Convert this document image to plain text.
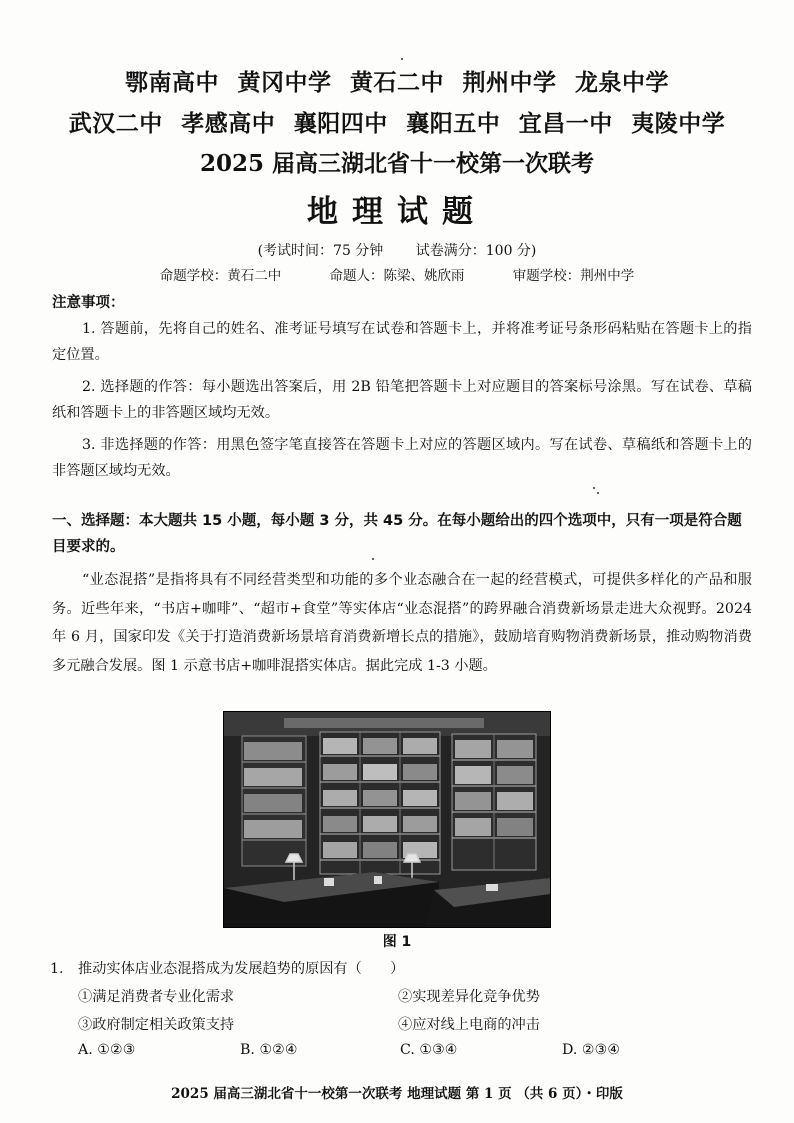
鄂南高中 黄冈中学 黄石二中 荆州中学 龙泉中学
武汉二中 孝感高中 襄阳四中 襄阳五中 宜昌一中 夷陵中学
2025 届高三湖北省十一校第一次联考
地理试题
(考试时间：75 分钟 试卷满分：100 分)
命题学校：黄石二中	命题人：陈梁、姚欣雨	审题学校：荆州中学
注意事项：
1. 答题前，先将自己的姓名、准考证号填写在试卷和答题卡上，并将准考证号条形码粘贴在答题卡上的指定位置。
2. 选择题的作答：每小题选出答案后，用 2B 铅笔把答题卡上对应题目的答案标号涂黑。写在试卷、草稿纸和答题卡上的非答题区域均无效。
3. 非选择题的作答：用黑色签字笔直接答在答题卡上对应的答题区域内。写在试卷、草稿纸和答题卡上的非答题区域均无效。
一、选择题：本大题共 15 小题，每小题 3 分，共 45 分。在每小题给出的四个选项中，只有一项是符合题目要求的。
“业态混搭”是指将具有不同经营类型和功能的多个业态融合在一起的经营模式，可提供多样化的产品和服务。近些年来，“书店+咖啡”、“超市+食堂”等实体店“业态混搭”的跨界融合消费新场景走进大众视野。2024 年 6 月，国家印发《关于打造消费新场景培育消费新增长点的措施》，鼓励培育购物消费新场景，推动购物消费多元融合发展。图 1 示意书店+咖啡混搭实体店。据此完成 1-3 小题。
图 1
1. 推动实体店业态混搭成为发展趋势的原因有（　　）
①满足消费者专业化需求	②实现差异化竞争优势
③政府制定相关政策支持	④应对线上电商的冲击
A. ①②③	B. ①②④	C. ①③④	D. ②③④
2025 届高三湖北省十一校第一次联考 地理试题 第 1 页 （共 6 页）・印版
